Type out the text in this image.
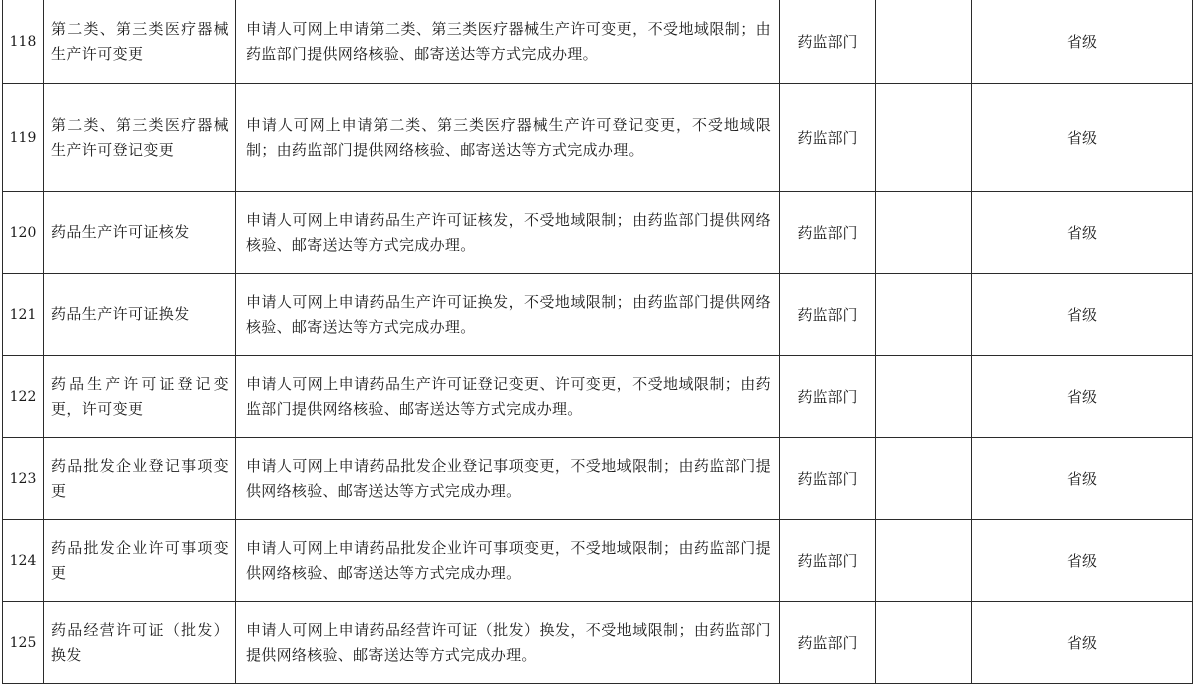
118	第二类、第三类医疗器械生产许可变更	申请人可网上申请第二类、第三类医疗器械生产许可变更，不受地域限制；由药监部门提供网络核验、邮寄送达等方式完成办理。	药监部门		省级
119	第二类、第三类医疗器械生产许可登记变更	申请人可网上申请第二类、第三类医疗器械生产许可登记变更，不受地域限制；由药监部门提供网络核验、邮寄送达等方式完成办理。	药监部门		省级
120	药品生产许可证核发	申请人可网上申请药品生产许可证核发，不受地域限制；由药监部门提供网络核验、邮寄送达等方式完成办理。	药监部门		省级
121	药品生产许可证换发	申请人可网上申请药品生产许可证换发，不受地域限制；由药监部门提供网络核验、邮寄送达等方式完成办理。	药监部门		省级
122	药品生产许可证登记变更，许可变更	申请人可网上申请药品生产许可证登记变更、许可变更，不受地域限制；由药监部门提供网络核验、邮寄送达等方式完成办理。	药监部门		省级
123	药品批发企业登记事项变更	申请人可网上申请药品批发企业登记事项变更，不受地域限制；由药监部门提供网络核验、邮寄送达等方式完成办理。	药监部门		省级
124	药品批发企业许可事项变更	申请人可网上申请药品批发企业许可事项变更，不受地域限制；由药监部门提供网络核验、邮寄送达等方式完成办理。	药监部门		省级
125	药品经营许可证（批发）换发	申请人可网上申请药品经营许可证（批发）换发，不受地域限制；由药监部门提供网络核验、邮寄送达等方式完成办理。	药监部门		省级
